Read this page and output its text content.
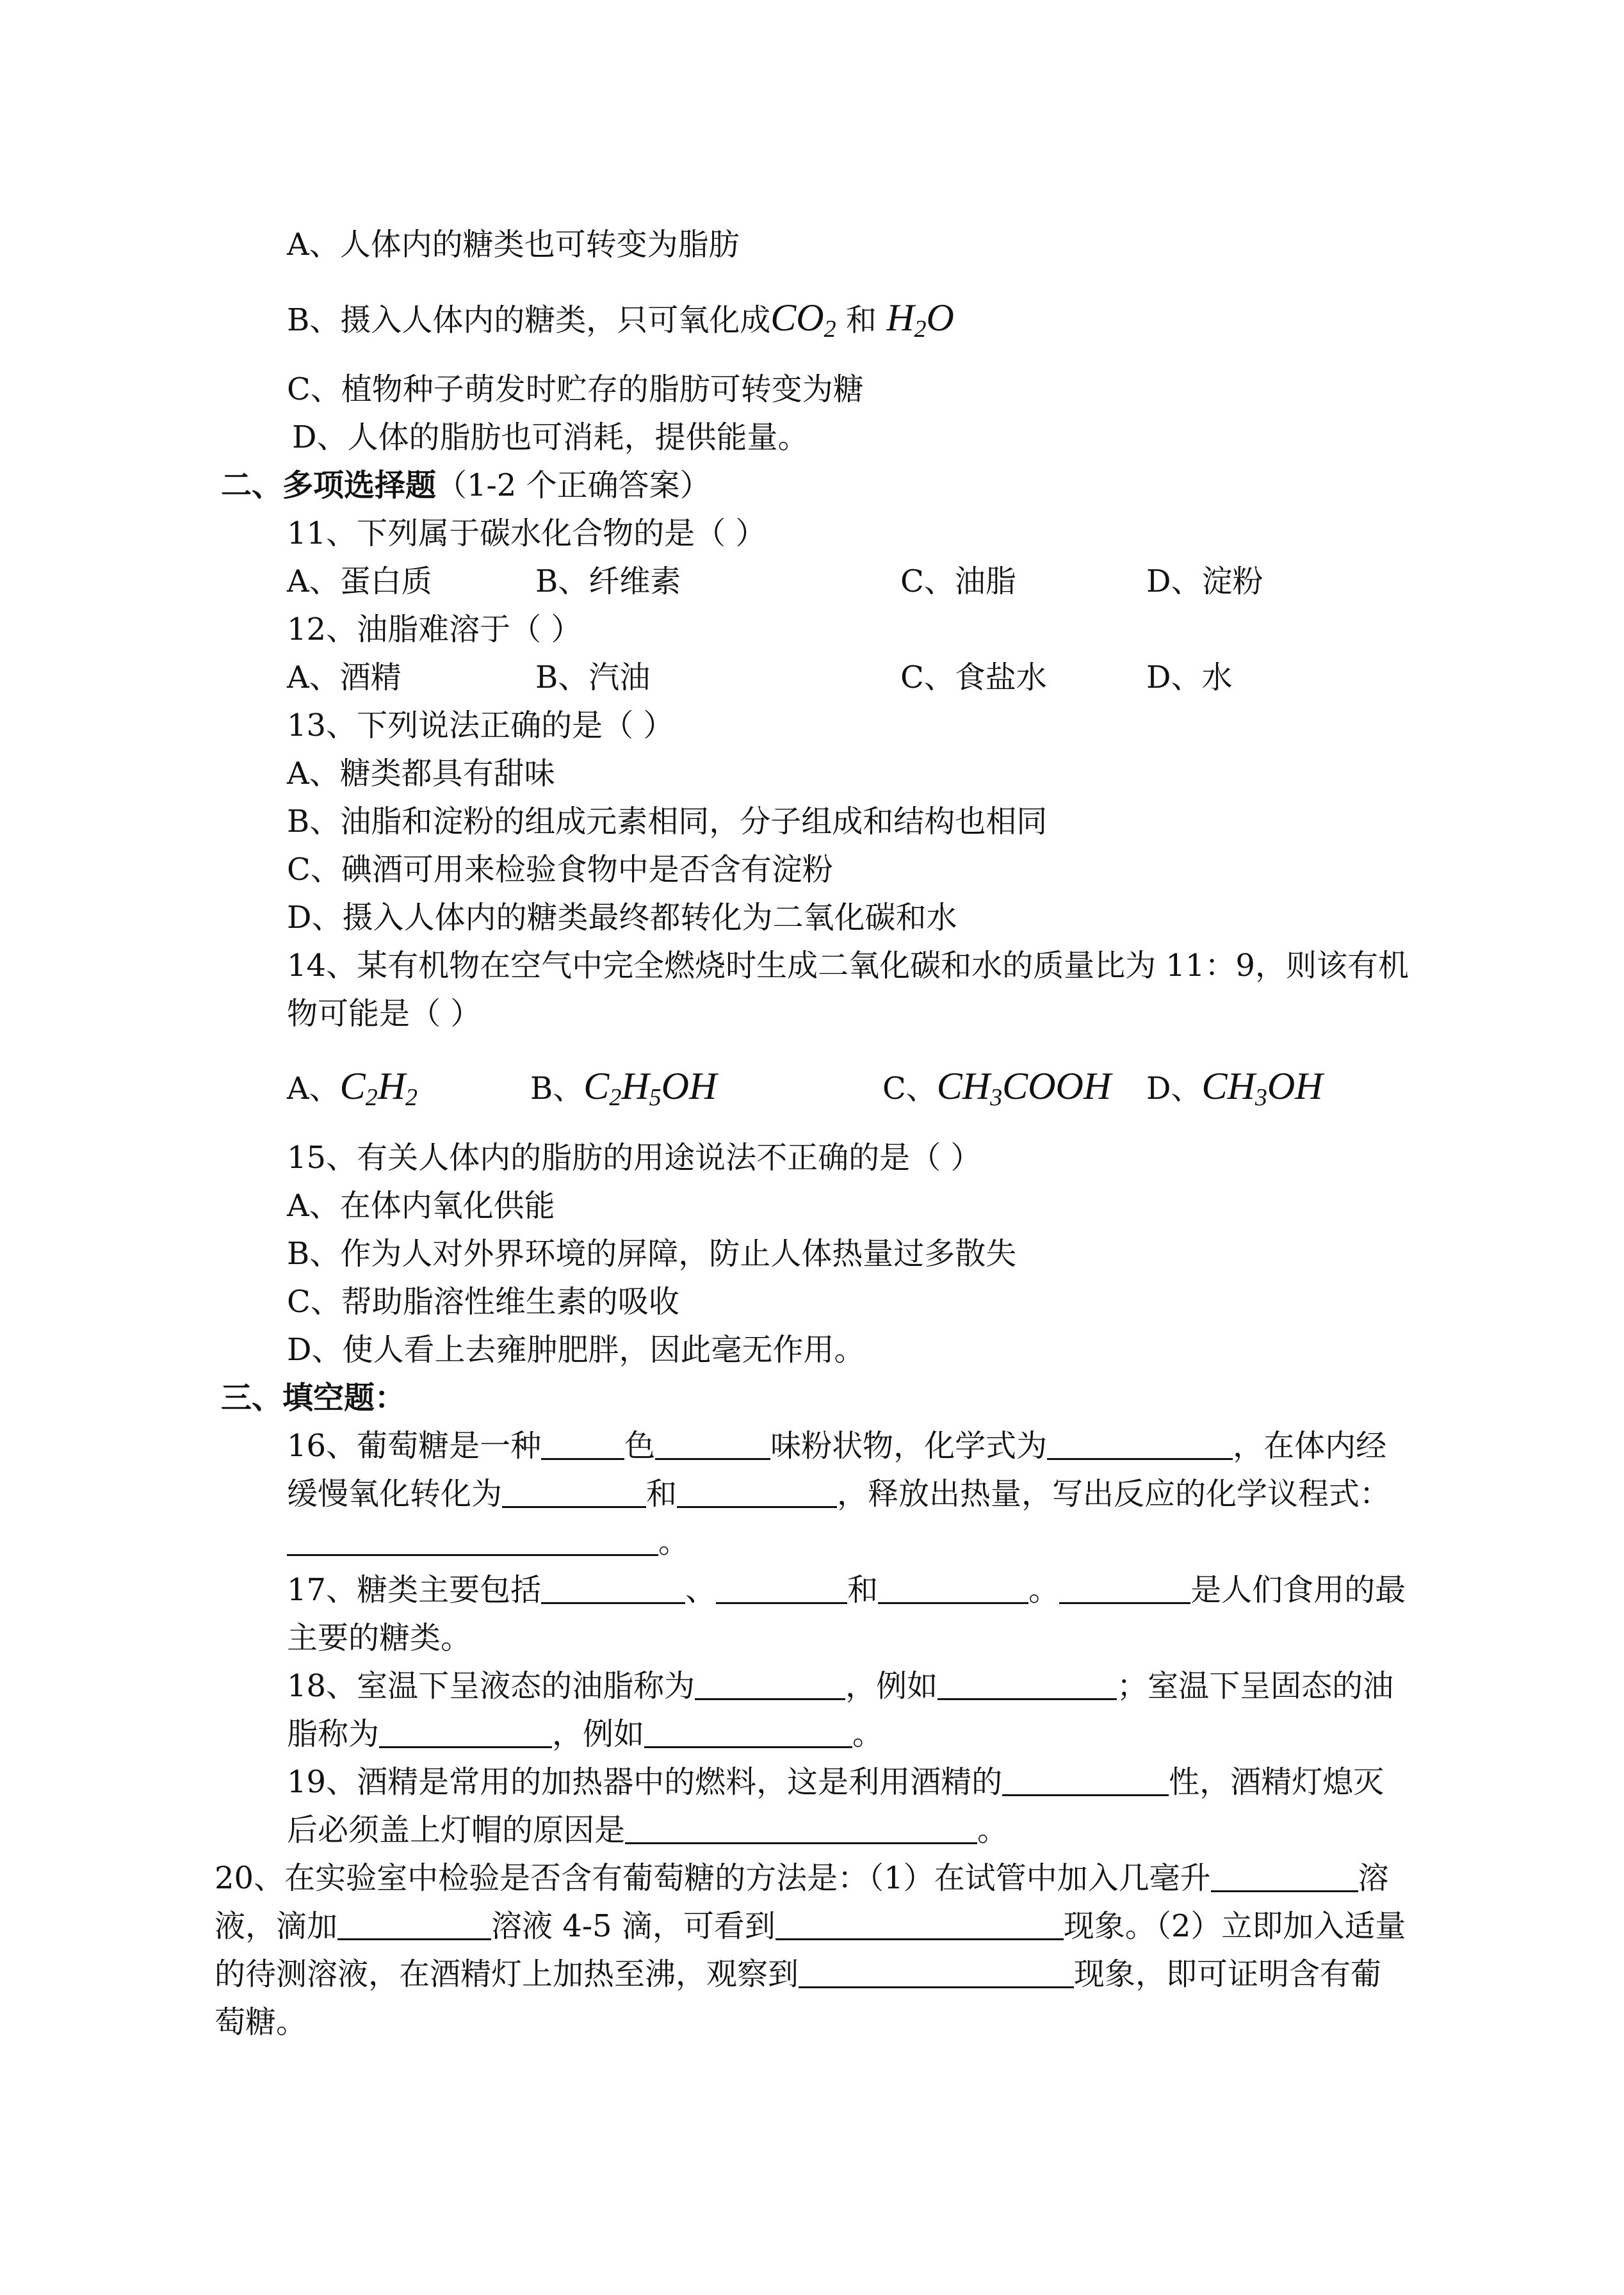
A、人体内的糖类也可转变为脂肪
B、摄入人体内的糖类，只可氧化成$CO_2$ 和 $H_2O$
C、植物种子萌发时贮存的脂肪可转变为糖
D、人体的脂肪也可消耗，提供能量。
二、多项选择题（1-2 个正确答案）
11、下列属于碳水化合物的是（ ）
A、蛋白质	B、纤维素	C、油脂	D、淀粉
12、油脂难溶于（ ）
A、酒精	B、汽油	C、食盐水	D、水
13、下列说法正确的是（ ）
A、糖类都具有甜味
B、油脂和淀粉的组成元素相同，分子组成和结构也相同
C、碘酒可用来检验食物中是否含有淀粉
D、摄入人体内的糖类最终都转化为二氧化碳和水
14、某有机物在空气中完全燃烧时生成二氧化碳和水的质量比为 11：9，则该有机
物可能是（ ）
A、$C_2H_2$	B、$C_2H_5OH$	C、$CH_3COOH$ D、$CH_3OH$
15、有关人体内的脂肪的用途说法不正确的是（ ）
A、在体内氧化供能
B、作为人对外界环境的屏障，防止人体热量过多散失
C、帮助脂溶性维生素的吸收
D、使人看上去雍肿肥胖，因此毫无作用。
三、填空题：
16、葡萄糖是一种	色	味粉状物，化学式为	，在体内经
缓慢氧化转化为	和	，释放出热量，写出反应的化学议程式：
。
17、糖类主要包括	、	和	。	是人们食用的最
主要的糖类。
18、室温下呈液态的油脂称为	，例如	；室温下呈固态的油
脂称为	，例如	。
19、酒精是常用的加热器中的燃料，这是利用酒精的	性，酒精灯熄灭
后必须盖上灯帽的原因是	。
20、在实验室中检验是否含有葡萄糖的方法是：（1）在试管中加入几毫升	溶
液，滴加	溶液 4-5 滴，可看到	现象。（2）立即加入适量
的待测溶液，在酒精灯上加热至沸，观察到	现象，即可证明含有葡
萄糖。
